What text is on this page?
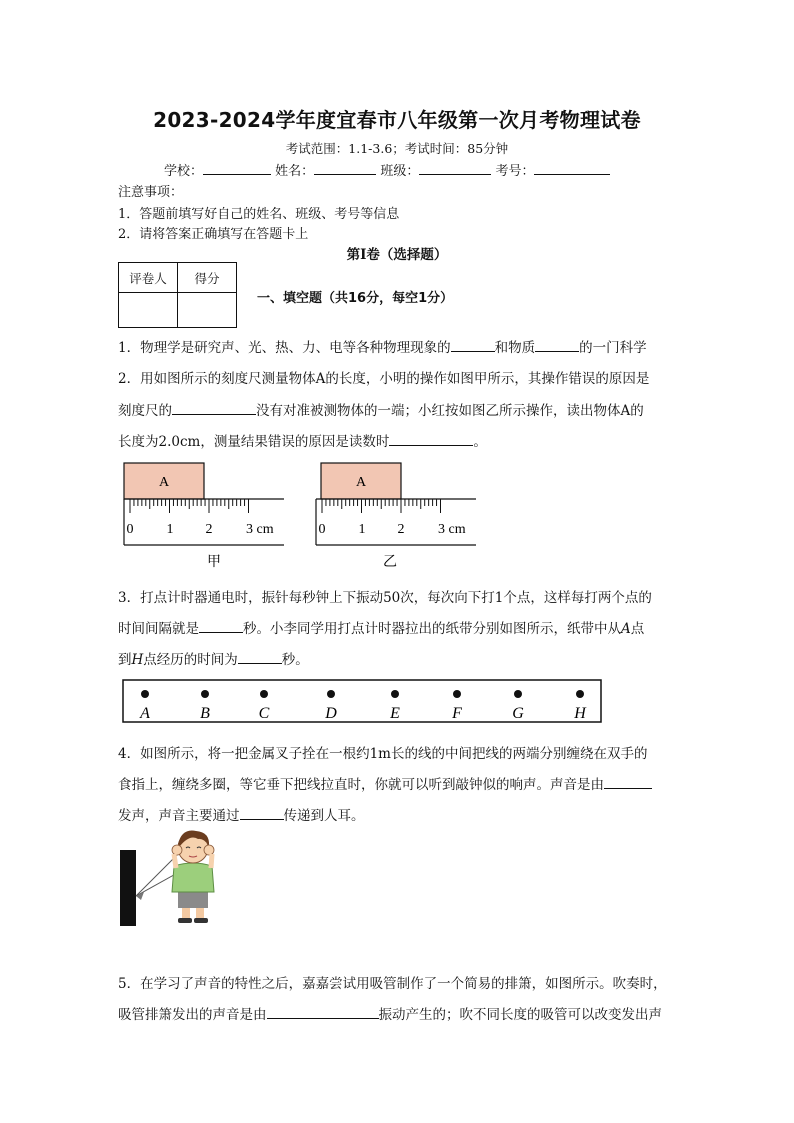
2023-2024学年度宜春市八年级第一次月考物理试卷
考试范围：1.1-3.6；考试时间：85分钟
学校：	姓名：	班级：	考号：
注意事项：
1．答题前填写好自己的姓名、班级、考号等信息
2．请将答案正确填写在答题卡上
第Ⅰ卷（选择题）
评卷人	得分

一、填空题（共16分，每空1分）
1．物理学是研究声、光、热、力、电等各种物理现象的	和物质	的一门科学
2．用如图所示的刻度尺测量物体A的长度，小明的操作如图甲所示，其操作错误的原因是
刻度尺的	没有对准被测物体的一端；小红按如图乙所示操作，读出物体A的
长度为2.0cm，测量结果错误的原因是读数时	。
A
0 1 2 3 cm
甲
A
0 1 2 3 cm
乙
3．打点计时器通电时，振针每秒钟上下振动50次，每次向下打1个点，这样每打两个点的
时间间隔就是	秒。小李同学用打点计时器拉出的纸带分别如图所示，纸带中从A点
到H点经历的时间为	秒。
A	B	C	D	E	F	G	H
4．如图所示，将一把金属叉子拴在一根约1m长的线的中间把线的两端分别缠绕在双手的
食指上，缠绕多圈，等它垂下把线拉直时，你就可以听到敲钟似的响声。声音是由
发声，声音主要通过	传递到人耳。
5．在学习了声音的特性之后，嘉嘉尝试用吸管制作了一个简易的排箫，如图所示。吹奏时，
吸管排箫发出的声音是由	振动产生的；吹不同长度的吸管可以改变发出声
